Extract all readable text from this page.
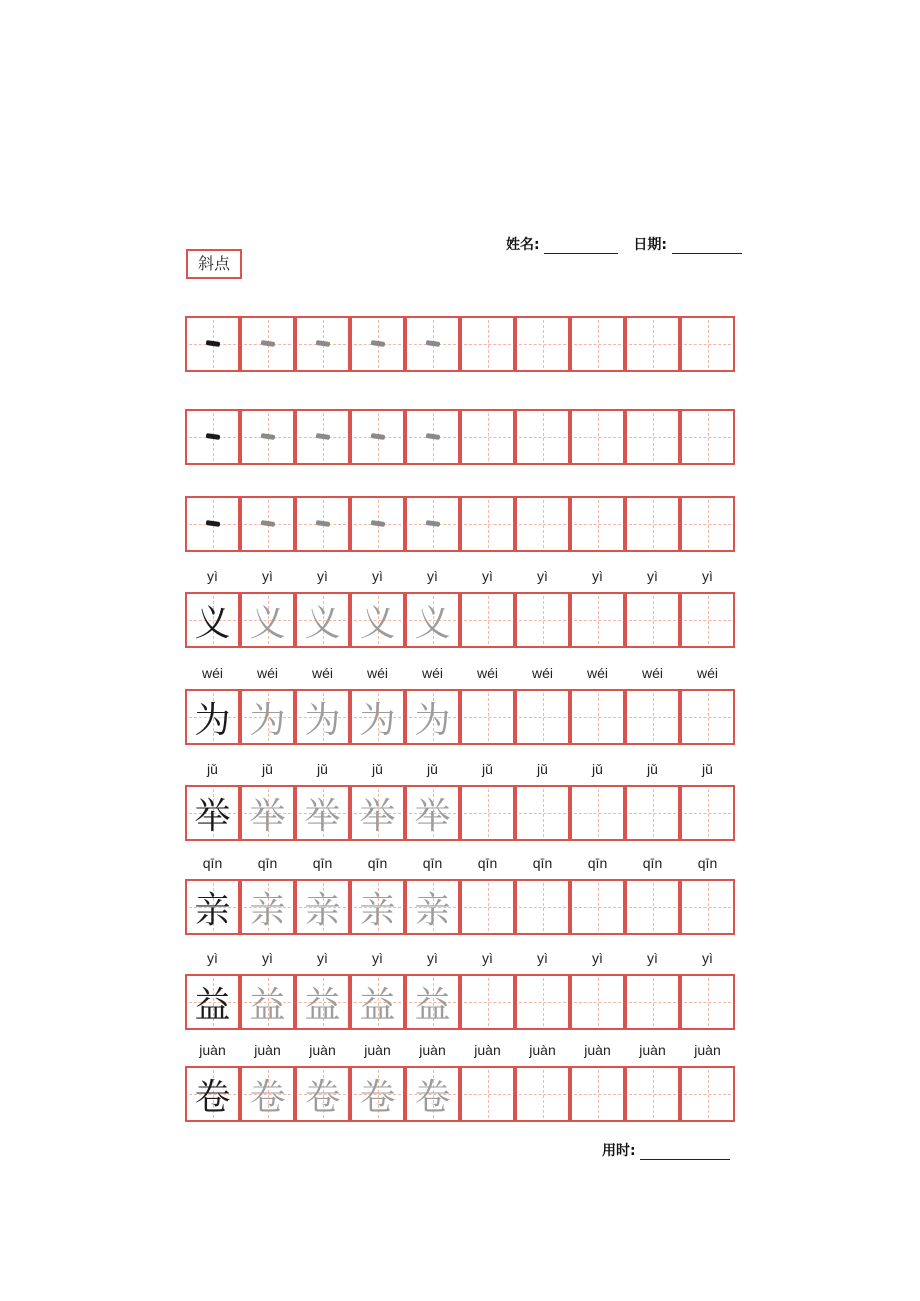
姓名:	日期:
斜点
yì	yì	yì	yì	yì	yì	yì	yì	yì	yì
义 义 义 义 义
wéi	wéi	wéi	wéi	wéi	wéi	wéi	wéi	wéi	wéi
为 为 为 为 为
jǔ	jǔ	jǔ	jǔ	jǔ	jǔ	jǔ	jǔ	jǔ	jǔ
举 举 举 举 举
qīn	qīn	qīn	qīn	qīn	qīn	qīn	qīn	qīn	qīn
亲 亲 亲 亲 亲
yì	yì	yì	yì	yì	yì	yì	yì	yì	yì
益 益 益 益 益
juàn	juàn	juàn	juàn	juàn	juàn	juàn	juàn	juàn	juàn
卷 卷 卷 卷 卷
用时:
